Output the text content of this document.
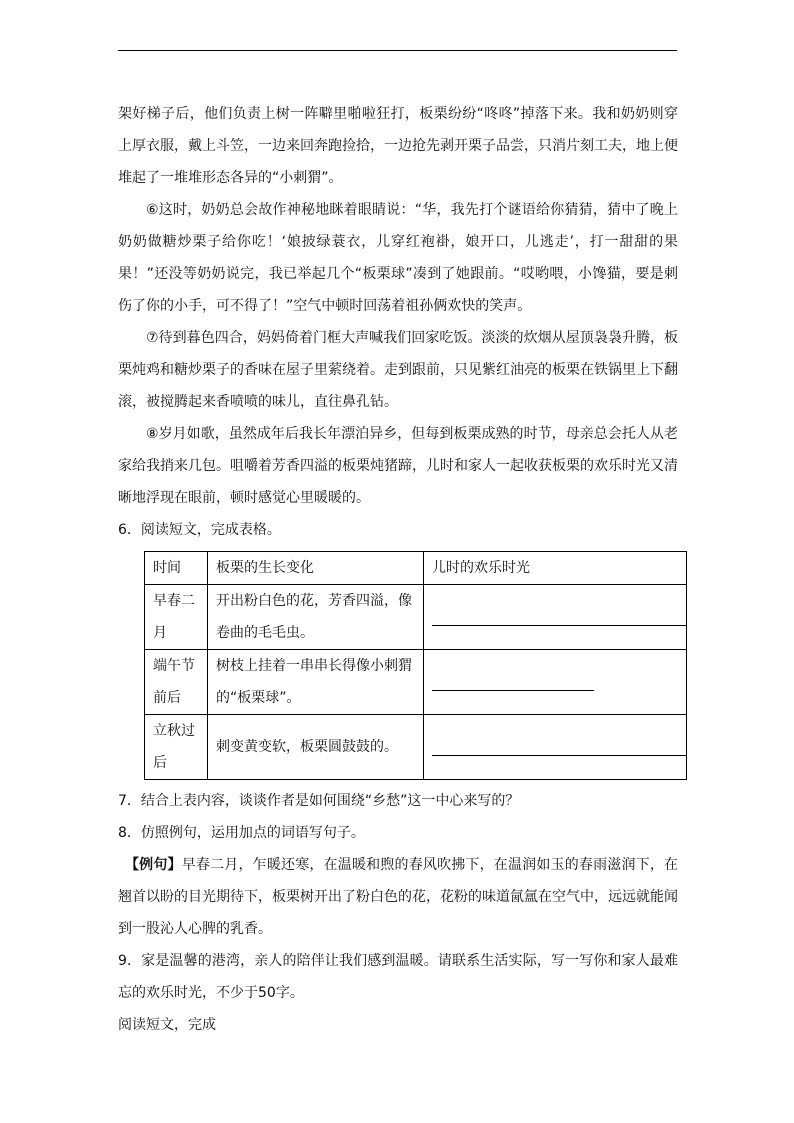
架好梯子后，他们负责上树一阵噼里啪啦狂打，板栗纷纷“咚咚”掉落下来。我和奶奶则穿上厚衣服，戴上斗笠，一边来回奔跑捡拾，一边抢先剥开栗子品尝，只消片刻工夫，地上便堆起了一堆堆形态各异的“小刺猬”。

⑥这时，奶奶总会故作神秘地眯着眼睛说：“华，我先打个谜语给你猜猜，猜中了晚上奶奶做糖炒栗子给你吃！‘娘披绿蓑衣，儿穿红袍褂，娘开口，儿逃走’，打一甜甜的果果！”还没等奶奶说完，我已举起几个“板栗球”凑到了她跟前。“哎哟喂，小馋猫，要是刺伤了你的小手，可不得了！”空气中顿时回荡着祖孙俩欢快的笑声。

⑦待到暮色四合，妈妈倚着门框大声喊我们回家吃饭。淡淡的炊烟从屋顶袅袅升腾，板栗炖鸡和糖炒栗子的香味在屋子里萦绕着。走到跟前，只见紫红油亮的板栗在铁锅里上下翻滚，被搅腾起来香喷喷的味儿，直往鼻孔钻。

⑧岁月如歌，虽然成年后我长年漂泊异乡，但每到板栗成熟的时节，母亲总会托人从老家给我捎来几包。咀嚼着芳香四溢的板栗炖猪蹄，儿时和家人一起收获板栗的欢乐时光又清晰地浮现在眼前，顿时感觉心里暖暖的。

6．阅读短文，完成表格。

时间	板栗的生长变化	儿时的欢乐时光
早春二月	开出粉白色的花，芳香四溢，像卷曲的毛毛虫。	

端午节前后	树枝上挂着一串串长得像小刺猬的“板栗球”。	

立秋过后	刺变黄变软，板栗圆鼓鼓的。	

7．结合上表内容，谈谈作者是如何围绕“乡愁”这一中心来写的？

8．仿照例句，运用加点的词语写句子。

【例句】早春二月，乍暖还寒，在温暖和煦的春风吹拂下，在温润如玉的春雨滋润下，在翘首以盼的目光期待下，板栗树开出了粉白色的花，花粉的味道氤氲在空气中，远远就能闻到一股沁人心脾的乳香。

9．家是温馨的港湾，亲人的陪伴让我们感到温暖。请联系生活实际，写一写你和家人最难忘的欢乐时光，不少于50字。

阅读短文，完成
